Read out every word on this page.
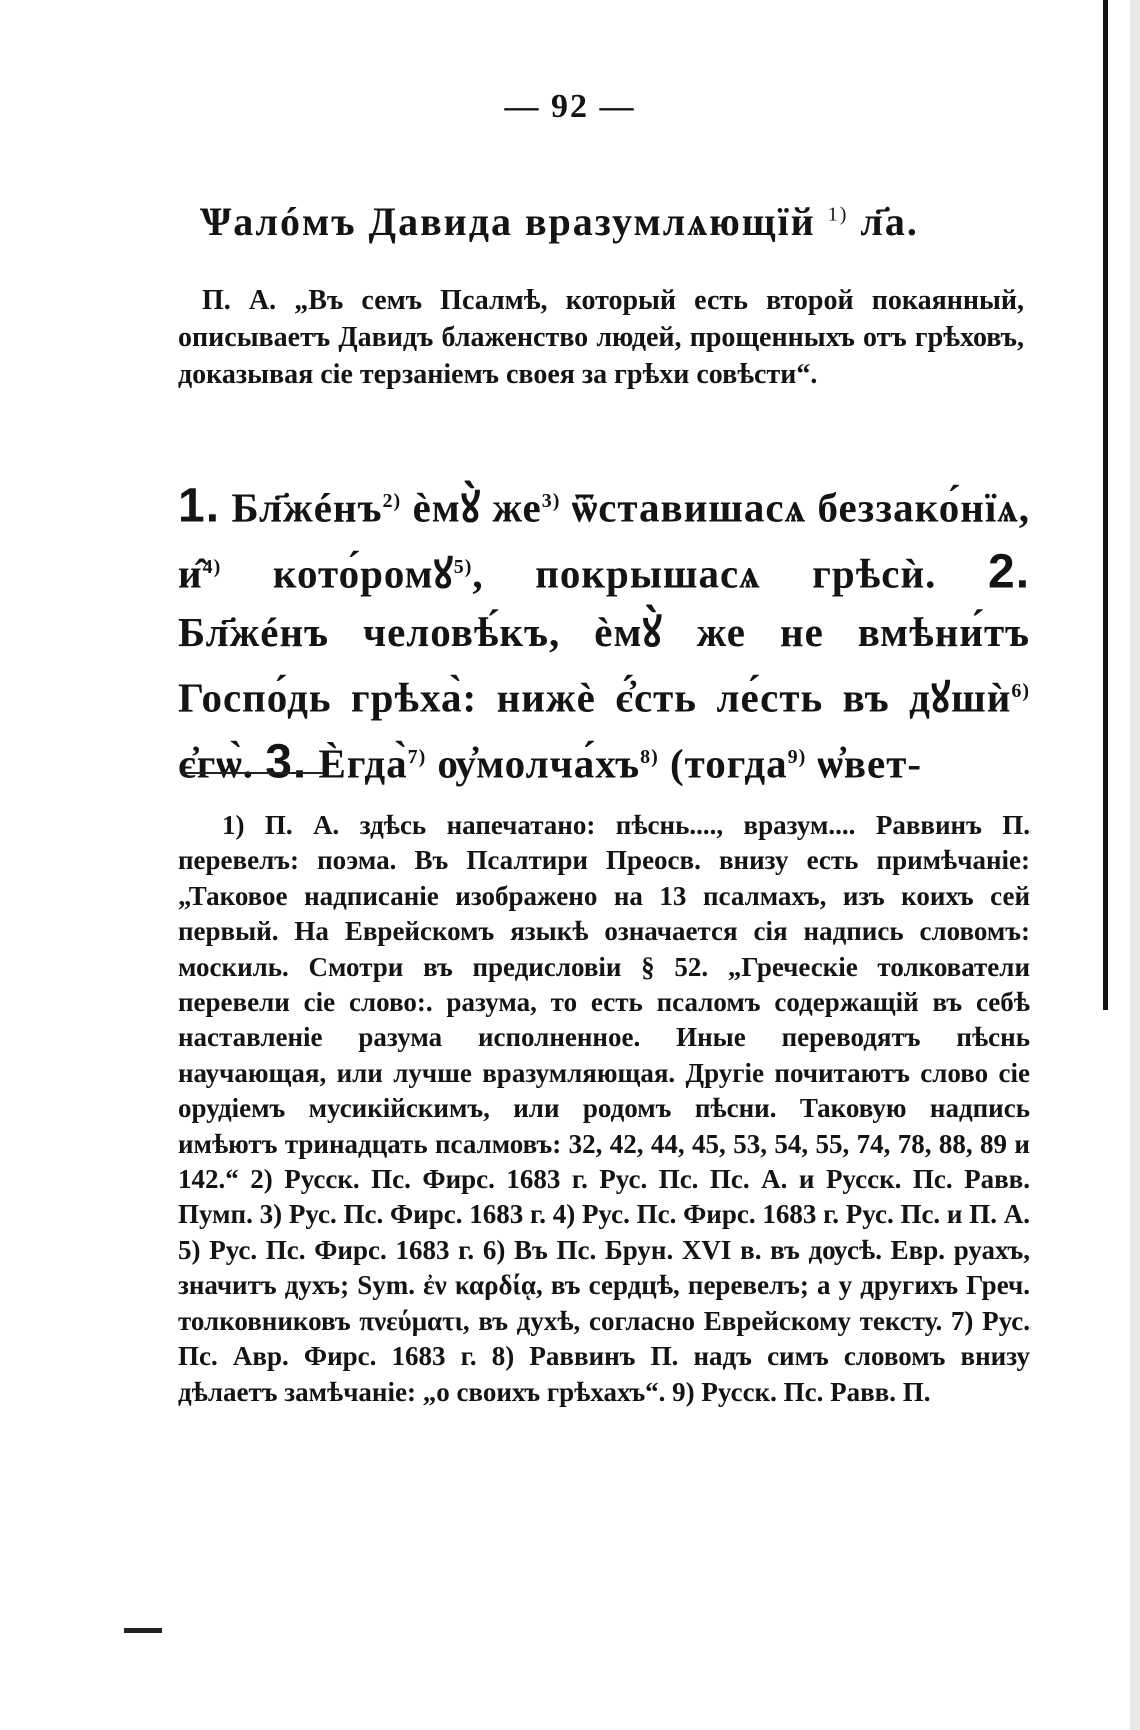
— 92 —
Ѱалóмъ Давида вразумлѧющїй $^{1)}$ л҃а.

П. А. „Въ семъ Псалмѣ, который есть второй покаянный, описываетъ Давидъ блаженство людей, прощенныхъ отъ грѣховъ, доказывая сіе терзаніемъ своея за грѣхи совѣсти“.

1. Бл҃жéнъ$^{2)}$ ѐмꙋ̀ $же^{3)}$ ѿставишасѧ беззако́нїѧ, и̂$^{4)}$ кото́ромꙋ$^{5)}$, покрышасѧ грѣсѝ. 2. Бл҃жéнъ человѣ́къ, ѐмꙋ̀ же не вмѣни́тъ Госпо́дь грѣха̀: нижѐ є҆́сть ле́сть въ дꙋшѝ$^{6)}$ є҆гѡ̀. 3. Ѐгда̀$^{7)}$ $ѹ҆молча́хъ^{8)}$ (тогда$^{9)}$ ѡ҆вет-

1) П. А. здѣсь напечатано: пѣснь...., вразум.... Раввинъ П. перевелъ: поэма. Въ Псалтири Преосв. внизу есть примѣчаніе: „Таковое надписаніе изображено на 13 псалмахъ, изъ коихъ сей первый. На Еврейскомъ языкѣ означается сія надпись словомъ: москиль. Смотри въ предисловіи § 52. „Греческіе толкователи перевели сіе слово:. разума, то есть псаломъ содержащій въ себѣ наставленіе разума исполненное. Иные переводятъ пѣснь научающая, или лучше вразумляющая. Другіе почитаютъ слово сіе орудіемъ мусикійскимъ, или родомъ пѣсни. Таковую надпись имѣютъ тринадцать псалмовъ: 32, 42, 44, 45, 53, 54, 55, 74, 78, 88, 89 и 142.“ 2) Русск. Пс. Фирс. 1683 г. Рус. Пс. Пс. А. и Русск. Пс. Равв. Пумп. 3) Рус. Пс. Фирс. 1683 г. 4) Рус. Пс. Фирс. 1683 г. Рус. Пс. и П. А. 5) Рус. Пс. Фирс. 1683 г. 6) Въ Пс. Брун. XVI в. въ дѹсѣ. Евр. руахъ, значитъ духъ; Sym. ἐν καρδίᾳ, въ сердцѣ, перевелъ; а у другихъ Греч. толковниковъ πνεύματι, въ духѣ, согласно Еврейскому тексту. 7) Рус. Пс. Авр. Фирс. 1683 г. 8) Раввинъ П. надъ симъ словомъ внизу дѣлаетъ замѣчаніе: „о своихъ грѣхахъ“. 9) Русск. Пс. Равв. П.
